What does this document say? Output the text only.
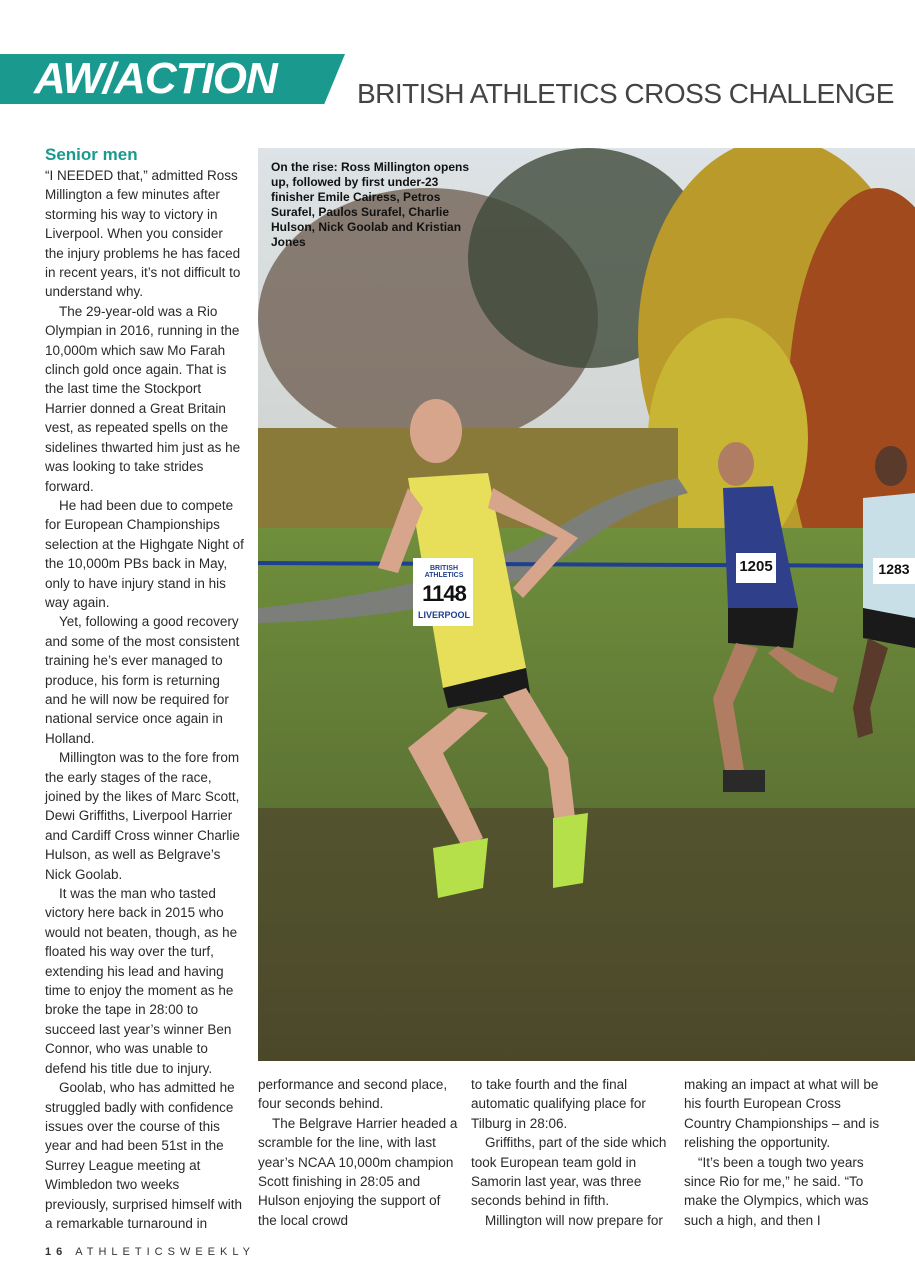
AW/ACTION	BRITISH ATHLETICS CROSS CHALLENGE
Senior men

“I NEEDED that,” admitted Ross Millington a few minutes after storming his way to victory in Liverpool. When you consider the injury problems he has faced in recent years, it’s not difficult to understand why.

The 29-year-old was a Rio Olympian in 2016, running in the 10,000m which saw Mo Farah clinch gold once again. That is the last time the Stockport Harrier donned a Great Britain vest, as repeated spells on the sidelines thwarted him just as he was looking to take strides forward.

He had been due to compete for European Championships selection at the Highgate Night of the 10,000m PBs back in May, only to have injury stand in his way again.

Yet, following a good recovery and some of the most consistent training he’s ever managed to produce, his form is returning and he will now be required for national service once again in Holland.

Millington was to the fore from the early stages of the race, joined by the likes of Marc Scott, Dewi Griffiths, Liverpool Harrier and Cardiff Cross winner Charlie Hulson, as well as Belgrave’s Nick Goolab.

It was the man who tasted victory here back in 2015 who would not beaten, though, as he floated his way over the turf, extending his lead and having time to enjoy the moment as he broke the tape in 28:00 to succeed last year’s winner Ben Connor, who was unable to defend his title due to injury.

Goolab, who has admitted he struggled badly with confidence issues over the course of this year and had been 51st in the Surrey League meeting at Wimbledon two weeks previously, surprised himself with a remarkable turnaround in

BRITISH ATHLETICS
1148
LIVERPOOL
1205	1283
On the rise: Ross Millington opens up, followed by first under-23 finisher Emile Cairess, Petros Surafel, Paulos Surafel, Charlie Hulson, Nick Goolab and Kristian Jones

performance and second place, four seconds behind.

The Belgrave Harrier headed a scramble for the line, with last year’s NCAA 10,000m champion Scott finishing in 28:05 and Hulson enjoying the support of the local crowd

to take fourth and the final automatic qualifying place for Tilburg in 28:06.

Griffiths, part of the side which took European team gold in Samorin last year, was three seconds behind in fifth.

Millington will now prepare for

making an impact at what will be his fourth European Cross Country Championships – and is relishing the opportunity.

“It’s been a tough two years since Rio for me,” he said. “To make the Olympics, which was such a high, and then I

16 ATHLETICSWEEKLY
